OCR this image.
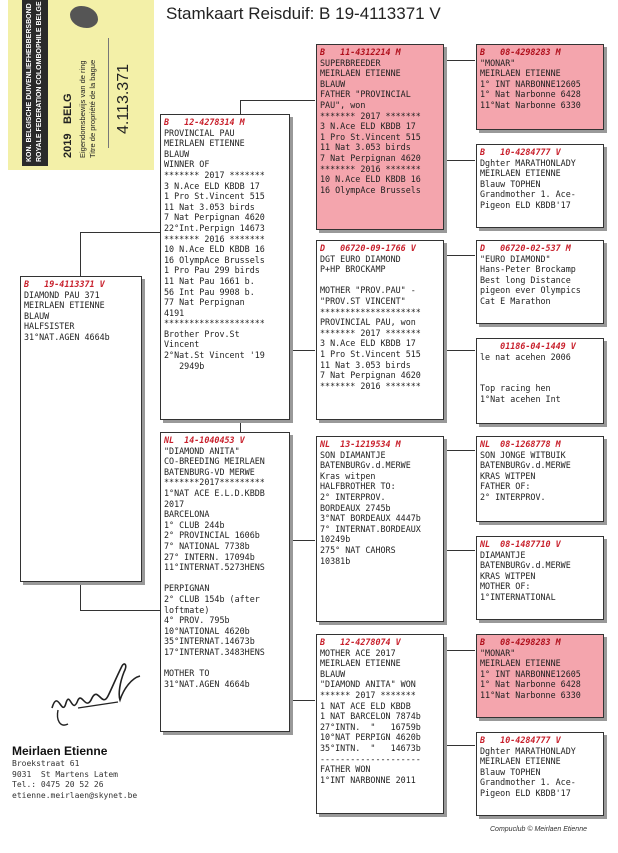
Stamkaart Reisduif: B 19-4113371 V
KON. BELGISCHE DUIVENLIEFHEBBERSBOND ROYALE FEDERATION COLOMBOPHILE BELGE 2019
BELG Eigendomsbewijs van de ring Titre de propriété de la bague 4.113.371
B   19-4113371 V
DIAMOND PAU 371
MEIRLAEN ETIENNE
BLAUW
HALFSISTER
31°NAT.AGEN 4664b
B   12-4278314 M
PROVINCIAL PAU
MEIRLAEN ETIENNE
BLAUW
WINNER OF
******* 2017 *******
3 N.Ace ELD KBDB 17
1 Pro St.Vincent 515
11 Nat 3.053 birds
7 Nat Perpignan 4620
22°Int.Perpign 14673
******* 2016 *******
10 N.Ace ELD KBDB 16
16 OlympAce Brussels
1 Pro Pau 299 birds
11 Nat Pau 1661 b.
56 Int Pau 9908 b.
77 Nat Perpignan
4191
********************
Brother Prov.St
Vincent
2°Nat.St Vincent '19
2949b
NL  14-1040453 V
"DIAMOND ANITA"
CO-BREEDING MEIRLAEN
BATENBURG-VD MERWE
*******2017*********
1°NAT ACE E.L.D.KBDB
2017
BARCELONA
1° CLUB 244b
2° PROVINCIAL 1606b
7° NATIONAL 7738b
27° INTERN. 17094b
11°INTERNAT.5273HENS
PERPIGNAN
2° CLUB 154b (after
loftmate)
4° PROV. 795b
10°NATIONAL 4620b
35°INTERNAT.14673b
17°INTERNAT.3483HENS
MOTHER TO
31°NAT.AGEN 4664b
B   11-4312214 M
SUPERBREEDER
MEIRLAEN ETIENNE
BLAUW
FATHER "PROVINCIAL
PAU", won
******* 2017 *******
3 N.Ace ELD KBDB 17
1 Pro St.Vincent 515
11 Nat 3.053 birds
7 Nat Perpignan 4620
******* 2016 *******
10 N.Ace ELD KBDB 16
16 OlympAce Brussels
D   06720-09-1766 V
DGT EURO DIAMOND
P+HP BROCKAMP
MOTHER "PROV.PAU" -
"PROV.ST VINCENT"
********************
PROVINCIAL PAU, won
******* 2017 *******
3 N.Ace ELD KBDB 17
1 Pro St.Vincent 515
11 Nat 3.053 birds
7 Nat Perpignan 4620
******* 2016 *******
NL  13-1219534 M
SON DIAMANTJE
BATENBURGv.d.MERWE
Kras witpen
HALFBROTHER TO:
2° INTERPROV.
BORDEAUX 2745b
3°NAT BORDEAUX 4447b
7° INTERNAT.BORDEAUX
10249b
275° NAT CAHORS
10381b
B   12-4278074 V
MOTHER ACE 2017
MEIRLAEN ETIENNE
BLAUW
"DIAMOND ANITA" WON
****** 2017 *******
1 NAT ACE ELD KBDB
1 NAT BARCELON 7874b
27°INTN.  "   16759b
10°NAT PERPIGN 4620b
35°INTN.  "   14673b
--------------------
FATHER WON
1°INT NARBONNE 2011
B   08-4298283 M
"MONAR"
MEIRLAEN ETIENNE
1° INT NARBONNE12605
1° Nat Narbonne 6428
11°Nat Narbonne 6330
B   10-4284777 V
Dghter MARATHONLADY
MEIRLAEN ETIENNE
Blauw TOPHEN
Grandmother 1. Ace-
Pigeon ELD KBDB'17
D   06720-02-537 M
"EURO DIAMOND"
Hans-Peter Brockamp
Best long Distance
pigeon ever Olympics
Cat E Marathon
01186-04-1449 V
le nat acehen 2006
Top racing hen
1°Nat acehen Int
NL  08-1268778 M
SON JONGE WITBUIK
BATENBURGv.d.MERWE
KRAS WITPEN
FATHER OF:
2° INTERPROV.
NL  08-1487710 V
DIAMANTJE
BATENBURGv.d.MERWE
KRAS WITPEN
MOTHER OF:
1°INTERNATIONAL
B   08-4298283 M
"MONAR"
MEIRLAEN ETIENNE
1° INT NARBONNE12605
1° Nat Narbonne 6428
11°Nat Narbonne 6330
B   10-4284777 V
Dghter MARATHONLADY
MEIRLAEN ETIENNE
Blauw TOPHEN
Grandmother 1. Ace-
Pigeon ELD KBDB'17
Meirlaen Etienne
Broekstraat 61
9031  St Martens Latem
Tel.: 0475 20 52 26
etienne.meirlaen@skynet.be
Compuclub © Meirlaen Etienne
